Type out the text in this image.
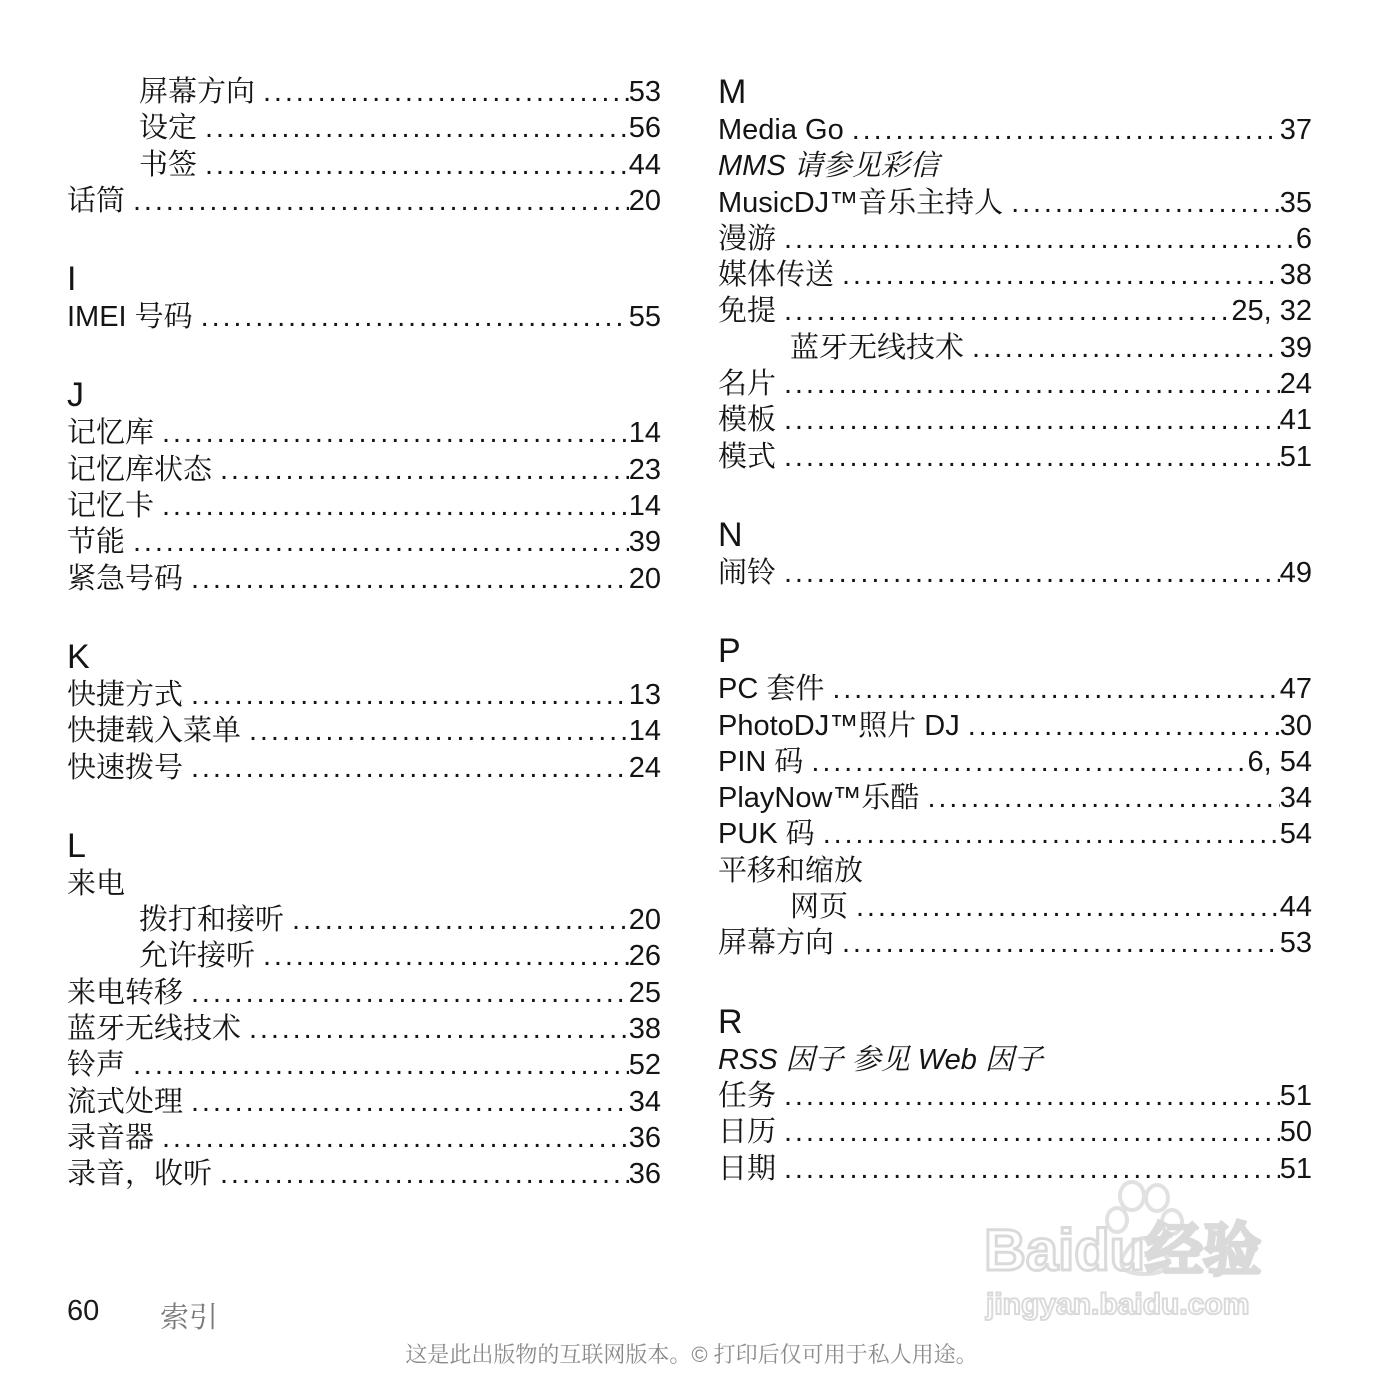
屏幕方向 . . .	53
设定 . . .	56
书签 . . .	44
话筒 . . .	20
I
IMEI 号码 . . .	55
J
记忆库 . . .	14
记忆库状态 . . .	23
记忆卡 . . .	14
节能 . . .	39
紧急号码 . . .	20
K
快捷方式 . . .	13
快捷载入菜单 . . .	14
快速拨号 . . .	24
L
来电
拨打和接听 . . .	20
允许接听 . . .	26
来电转移 . . .	25
蓝牙无线技术 . . .	38
铃声 . . .	52
流式处理 . . .	34
录音器 . . .	36
录音，收听 . . .	36
M
Media Go . . .	37
MMS 请参见彩信
MusicDJ™音乐主持人 . . .	35
漫游 . . .	6
媒体传送 . . .	38
免提 . . .	25, 32
蓝牙无线技术 . . .	39
名片 . . .	24
模板 . . .	41
模式 . . .	51
N
闹铃 . . .	49
P
PC 套件 . . .	47
PhotoDJ™照片 DJ . . .	30
PIN 码 . . .	6, 54
PlayNow™乐酷 . . .	34
PUK 码 . . .	54
平移和缩放
网页 . . .	44
屏幕方向 . . .	53
R
RSS 因子 参见 Web 因子
任务 . . .	51
日历 . . .	50
日期 . . .	51
60 索引
这是此出版物的互联网版本。© 打印后仅可用于私人用途。
Baidu经验
jingyan.baidu.com
